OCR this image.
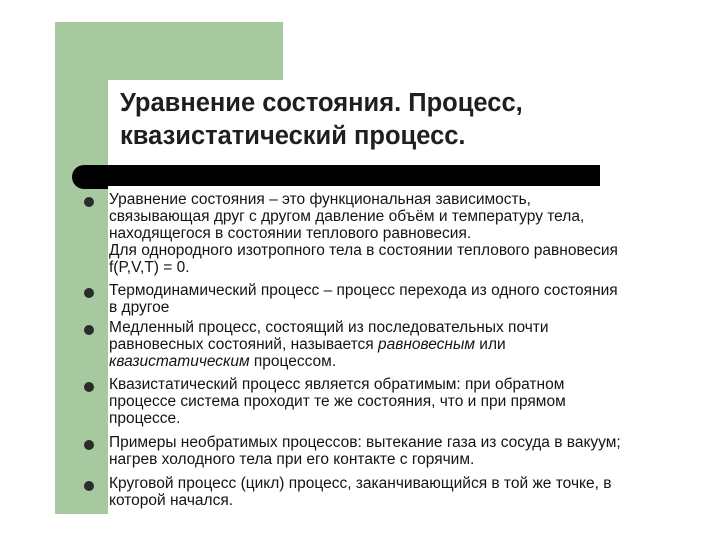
Уравнение состояния. Процесс,
квазистатический процесс.
Уравнение состояния – это функциональная зависимость,
связывающая друг с другом давление объём и температуру тела,
находящегося в состоянии теплового равновесия.
Для однородного изотропного тела в состоянии теплового равновесия
f(P,V,T) = 0.
Термодинамический процесс – процесс перехода из одного состояния
в другое
Медленный процесс, состоящий из последовательных почти
равновесных состояний, называется равновесным или
квазистатическим процессом.
Квазистатический процесс является обратимым: при обратном
процессе система проходит те же состояния, что и при прямом
процессе.
Примеры необратимых процессов: вытекание газа из сосуда в вакуум;
нагрев холодного тела при его контакте с горячим.
Круговой процесс (цикл) процесс, заканчивающийся в той же точке, в
которой начался.
